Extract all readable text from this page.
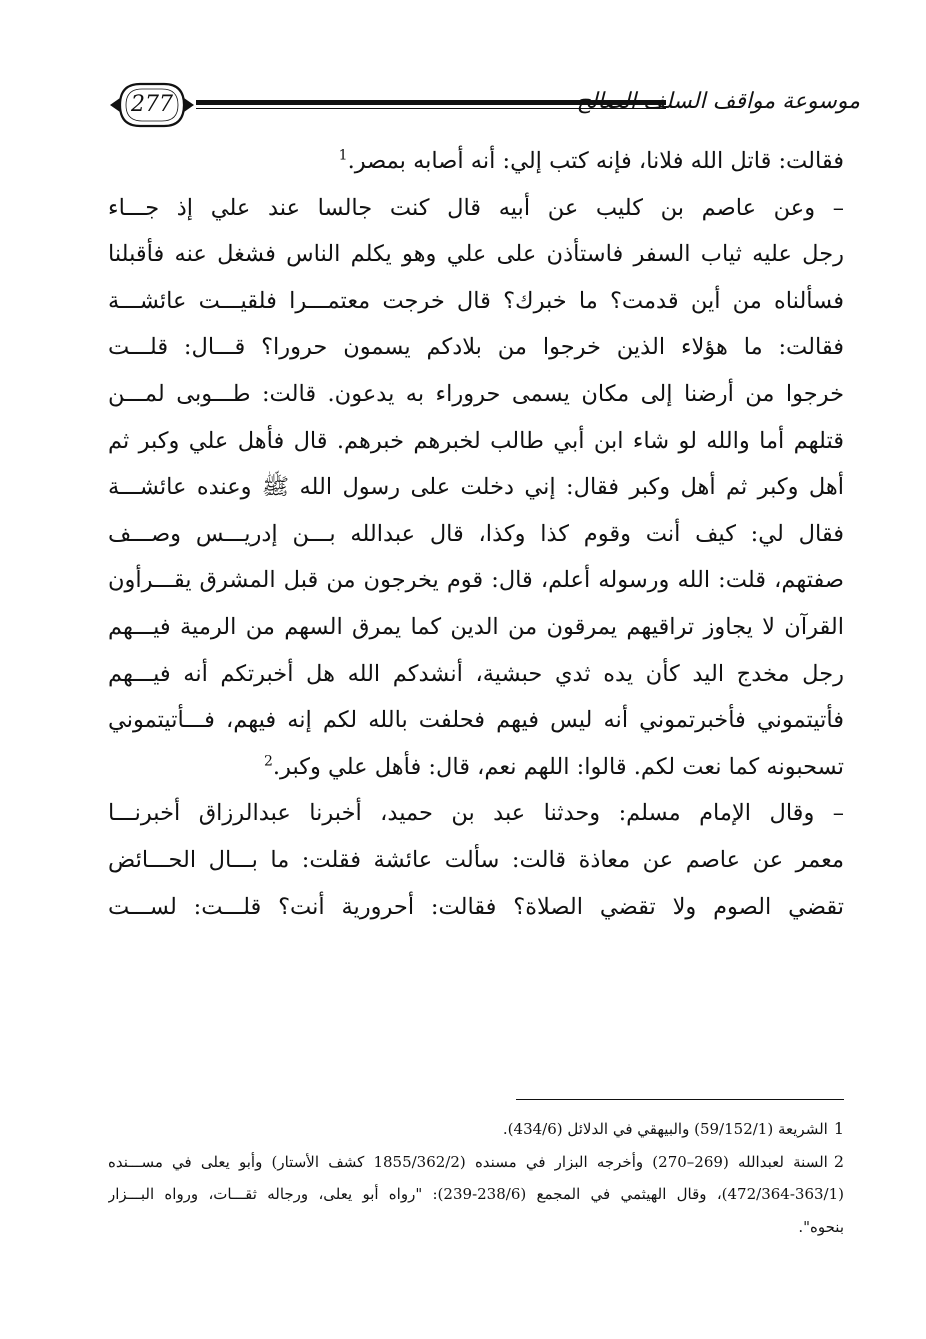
277	موسوعة مواقف السلف الصالح
فقالت: قاتل الله فلانا، فإنه كتب إلي: أنه أصابه بمصر.$^1$
– وعن عاصم بن كليب عن أبيه قال كنت جالسا عند علي إذ جـــاء
رجل عليه ثياب السفر فاستأذن على علي وهو يكلم الناس فشغل عنه فأقبلنا
فسألناه من أين قدمت؟ ما خبرك؟ قال خرجت معتمـــرا فلقيـــت عائشـــة
فقالت: ما هؤلاء الذين خرجوا من بلادكم يسمون حرورا؟ قـــال: قلـــت
خرجوا من أرضنا إلى مكان يسمى حروراء به يدعون. قالت: طـــوبى لمـــن
قتلهم أما والله لو شاء ابن أبي طالب لخبرهم خبرهم. قال فأهل علي وكبر ثم
أهل وكبر ثم أهل وكبر فقال: إني دخلت على رسول الله ﷺ وعنده عائشـــة
فقال لي: كيف أنت وقوم كذا وكذا، قال عبدالله بـــن إدريـــس وصـــف
صفتهم، قلت: الله ورسوله أعلم، قال: قوم يخرجون من قبل المشرق يقـــرأون
القرآن لا يجاوز تراقيهم يمرقون من الدين كما يمرق السهم من الرمية فيـــهم
رجل مخدج اليد كأن يده ثدي حبشية، أنشدكم الله هل أخبرتكم أنه فيـــهم
فأتيتموني فأخبرتموني أنه ليس فيهم فحلفت بالله لكم إنه فيهم، فـــأتيتموني
تسحبونه كما نعت لكم. قالوا: اللهم نعم، قال: فأهل علي وكبر.$^2$
– وقال الإمام مسلم: وحدثنا عبد بن حميد، أخبرنا عبدالرزاق أخبرنـــا
معمر عن عاصم عن معاذة قالت: سألت عائشة فقلت: ما بـــال الحـــائض
تقضي الصوم ولا تقضي الصلاة؟ فقالت: أحرورية أنت؟ قلـــت: لســـت
1الشريعة (59/152/1) والبيهقي في الدلائل (434/6).
2السنة لعبدالله (269–270) وأخرجه البزار في مسنده (1855/362/2 كشف الأستار) وأبو يعلى في مســـنده
(472/364-363/1)، وقال الهيثمي في المجمع (238/6-239): "رواه أبو يعلى، ورجاله ثقـــات، ورواه البـــزار
بنحوه".
